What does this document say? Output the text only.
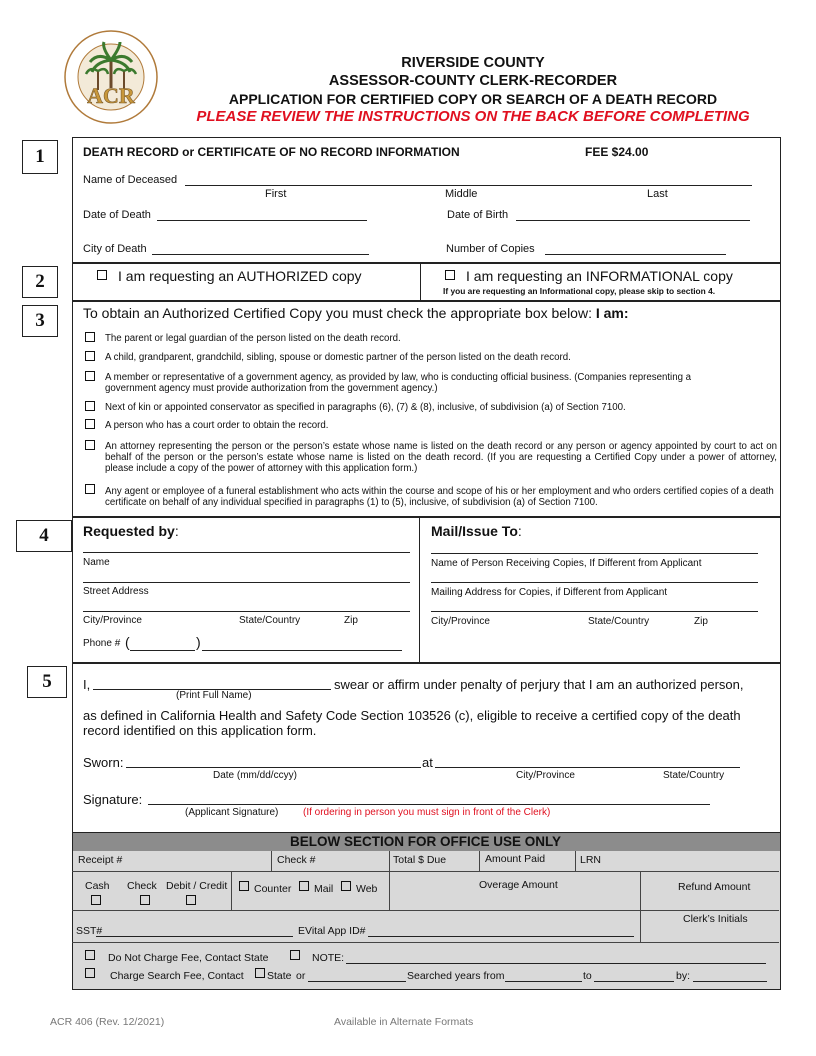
ACR
RIVERSIDE COUNTY
ASSESSOR-COUNTY CLERK-RECORDER
APPLICATION FOR CERTIFIED COPY OR SEARCH OF A DEATH RECORD
PLEASE REVIEW THE INSTRUCTIONS ON THE BACK BEFORE COMPLETING
1	DEATH RECORD or CERTIFICATE OF NO RECORD INFORMATION	FEE $24.00
Name of Deceased
First	Middle	Last
Date of Death	Date of Birth
City of Death	Number of Copies
2	I am requesting an AUTHORIZED copy	I am requesting an INFORMATIONAL copy
If you are requesting an Informational copy, please skip to section 4.
3	To obtain an Authorized Certified Copy you must check the appropriate box below: I am:
The parent or legal guardian of the person listed on the death record.
A child, grandparent, grandchild, sibling, spouse or domestic partner of the person listed on the death record.
A member or representative of a government agency, as provided by law, who is conducting official business. (Companies representing a government agency must provide authorization from the government agency.)
Next of kin or appointed conservator as specified in paragraphs (6), (7) & (8), inclusive, of subdivision (a) of Section 7100.
A person who has a court order to obtain the record.
An attorney representing the person or the person’s estate whose name is listed on the death record or any person or agency appointed by court to act on behalf of the person or the person’s estate whose name is listed on the death record. (If you are requesting a Certified Copy under a power of attorney, please include a copy of the power of attorney with this application form.)
Any agent or employee of a funeral establishment who acts within the course and scope of his or her employment and who orders certified copies of a death certificate on behalf of any individual specified in paragraphs (1) to (5), inclusive, of subdivision (a) of Section 7100.
4	Requested by:
Name
Street Address
City/Province	State/Country	Zip
Phone # (	)
Mail/Issue To:
Name of Person Receiving Copies, If Different from Applicant
Mailing Address for Copies, if Different from Applicant
City/Province	State/Country	Zip
5	I,	swear or affirm under penalty of perjury that I am an authorized person,
(Print Full Name)
as defined in California Health and Safety Code Section 103526 (c), eligible to receive a certified copy of the death record identified on this application form.
Sworn:	at
Date (mm/dd/ccyy)	City/Province	State/Country
Signature:
(Applicant Signature) (If ordering in person you must sign in front of the Clerk)
BELOW SECTION FOR OFFICE USE ONLY
Receipt #	Check #	Total $ Due	Amount Paid	LRN
Cash Check Debit / Credit	Counter Mail Web	Overage Amount	Refund Amount
SST#	EVital App ID#
Clerk’s Initials
Do Not Charge Fee, Contact State	NOTE:
Charge Search Fee, Contact State or	Searched years from	to	by:
ACR 406 (Rev. 12/2021)	Available in Alternate Formats
